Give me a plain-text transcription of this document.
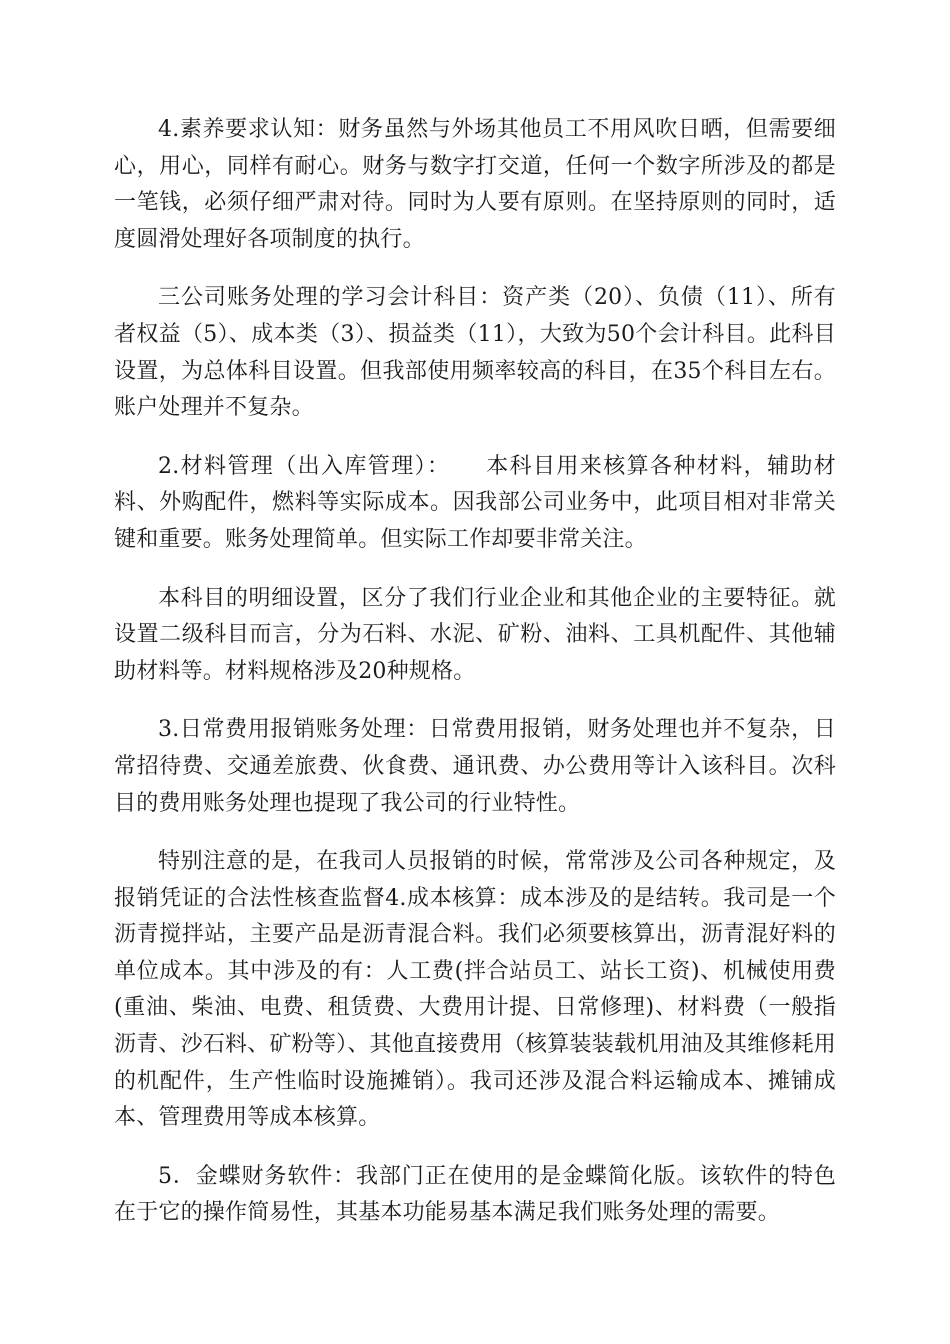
4.素养要求认知：财务虽然与外场其他员工不用风吹日晒，但需要细心，用心，同样有耐心。财务与数字打交道，任何一个数字所涉及的都是一笔钱，必须仔细严肃对待。同时为人要有原则。在坚持原则的同时，适度圆滑处理好各项制度的执行。

三公司账务处理的学习会计科目：资产类（20）、负债（11）、所有者权益（5）、成本类（3）、损益类（11），大致为50个会计科目。此科目设置，为总体科目设置。但我部使用频率较高的科目，在35个科目左右。账户处理并不复杂。

2.材料管理（出入库管理）：　　本科目用来核算各种材料，辅助材料、外购配件，燃料等实际成本。因我部公司业务中，此项目相对非常关键和重要。账务处理简单。但实际工作却要非常关注。

本科目的明细设置，区分了我们行业企业和其他企业的主要特征。就设置二级科目而言，分为石料、水泥、矿粉、油料、工具机配件、其他辅助材料等。材料规格涉及20种规格。

3.日常费用报销账务处理：日常费用报销，财务处理也并不复杂，日常招待费、交通差旅费、伙食费、通讯费、办公费用等计入该科目。次科目的费用账务处理也提现了我公司的行业特性。

特别注意的是，在我司人员报销的时候，常常涉及公司各种规定，及报销凭证的合法性核查监督4.成本核算：成本涉及的是结转。我司是一个沥青搅拌站，主要产品是沥青混合料。我们必须要核算出，沥青混好料的单位成本。其中涉及的有：人工费(拌合站员工、站长工资)、机械使用费(重油、柴油、电费、租赁费、大费用计提、日常修理)、材料费（一般指沥青、沙石料、矿粉等）、其他直接费用（核算装装载机用油及其维修耗用的机配件，生产性临时设施摊销）。我司还涉及混合料运输成本、摊铺成本、管理费用等成本核算。

5．金蝶财务软件：我部门正在使用的是金蝶简化版。该软件的特色在于它的操作简易性，其基本功能易基本满足我们账务处理的需要。
